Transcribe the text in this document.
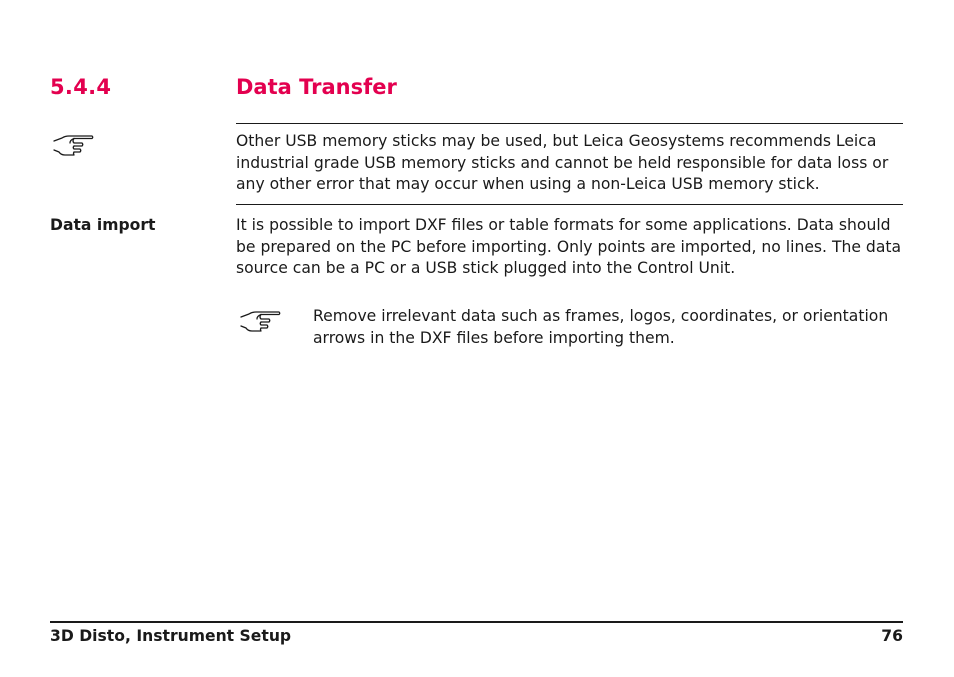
5.4.4	Data Transfer

Other USB memory sticks may be used, but Leica Geosystems recommends Leica industrial grade USB memory sticks and cannot be held responsible for data loss or any other error that may occur when using a non-Leica USB memory stick.

Data import	It is possible to import DXF files or table formats for some applications. Data should be prepared on the PC before importing. Only points are imported, no lines. The data source can be a PC or a USB stick plugged into the Control Unit.

Remove irrelevant data such as frames, logos, coordinates, or orientation arrows in the DXF files before importing them.

3D Disto, Instrument Setup	76
